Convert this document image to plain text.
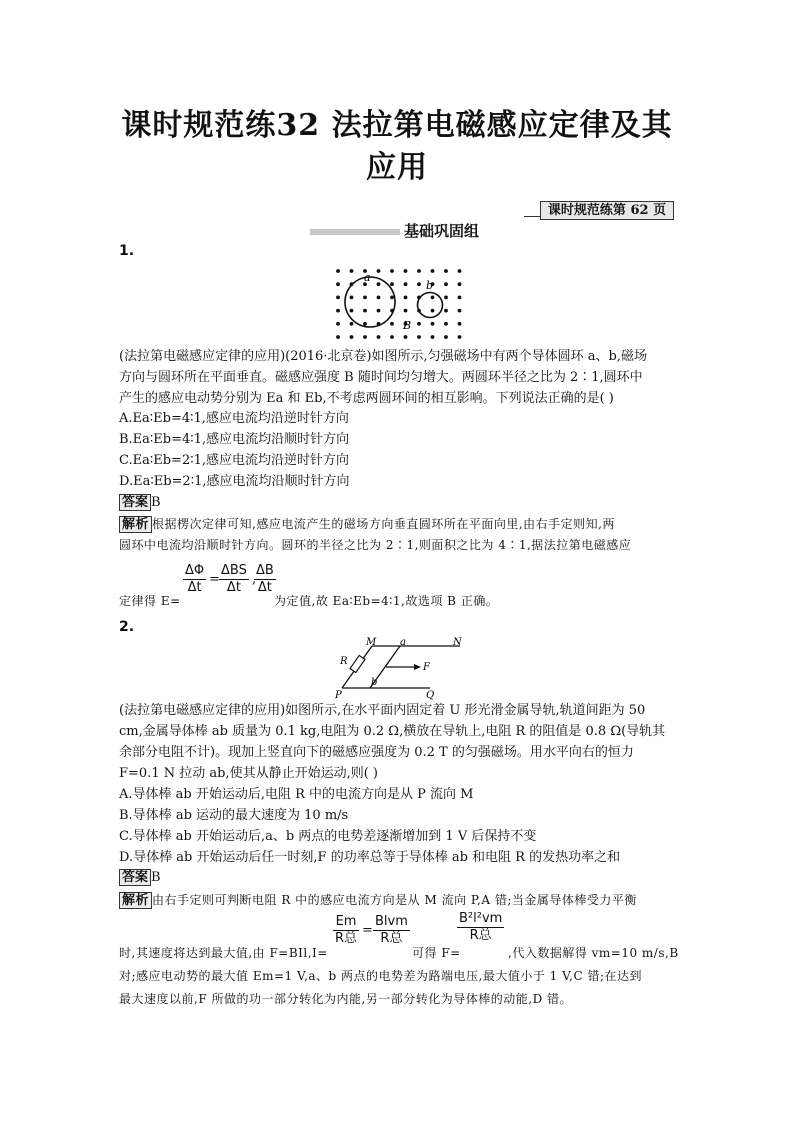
课时规范练32 法拉第电磁感应定律及其
应用
课时规范练第 62 页
基础巩固组
1.
a
b
B
(法拉第电磁感应定律的应用)(2016·北京卷)如图所示,匀强磁场中有两个导体圆环 a、b,磁场
方向与圆环所在平面垂直。磁感应强度 B 随时间均匀增大。两圆环半径之比为 2∶1,圆环中
产生的感应电动势分别为 Ea 和 Eb,不考虑两圆环间的相互影响。下列说法正确的是( )
A.Ea∶Eb=4∶1,感应电流均沿逆时针方向
B.Ea∶Eb=4∶1,感应电流均沿顺时针方向
C.Ea∶Eb=2∶1,感应电流均沿逆时针方向
D.Ea∶Eb=2∶1,感应电流均沿顺时针方向
答案 B
解析 根据楞次定律可知,感应电流产生的磁场方向垂直圆环所在平面向里,由右手定则知,两
圆环中电流均沿顺时针方向。圆环的半径之比为 2∶1,则面积之比为 4∶1,据法拉第电磁感应
$\frac{\Delta\Phi}{\Delta t}$ =
ΔBS
Δt
,
$\frac{\Delta B}{\Delta t}$
定律得 E=	为定值,故 Ea∶Eb=4∶1,故选项 B 正确。
2.
M a	N
R
F
b
P	Q
(法拉第电磁感应定律的应用)如图所示,在水平面内固定着 U 形光滑金属导轨,轨道间距为 50
cm,金属导体棒 ab 质量为 0.1 kg,电阻为 0.2 Ω,横放在导轨上,电阻 R 的阻值是 0.8 Ω(导轨其
余部分电阻不计)。现加上竖直向下的磁感应强度为 0.2 T 的匀强磁场。用水平向右的恒力
F=0.1 N 拉动 ab,使其从静止开始运动,则( )
A.导体棒 ab 开始运动后,电阻 R 中的电流方向是从 P 流向 M
B.导体棒 ab 运动的最大速度为 10 m/s
C.导体棒 ab 开始运动后,a、b 两点的电势差逐渐增加到 1 V 后保持不变
D.导体棒 ab 开始运动后任一时刻,F 的功率总等于导体棒 ab 和电阻 R 的发热功率之和
答案 B
解析 由右手定则可判断电阻 R 中的感应电流方向是从 M 流向 P,A 错;当金属导体棒受力平衡
Em
R总
=
Blvm
R总
B²l²vm
R总
时,其速度将达到最大值,由 F=BIl,I=	可得 F=	,代入数据解得 vm=10 m/s,B
对;感应电动势的最大值 Em=1 V,a、b 两点的电势差为路端电压,最大值小于 1 V,C 错;在达到
最大速度以前,F 所做的功一部分转化为内能,另一部分转化为导体棒的动能,D 错。
